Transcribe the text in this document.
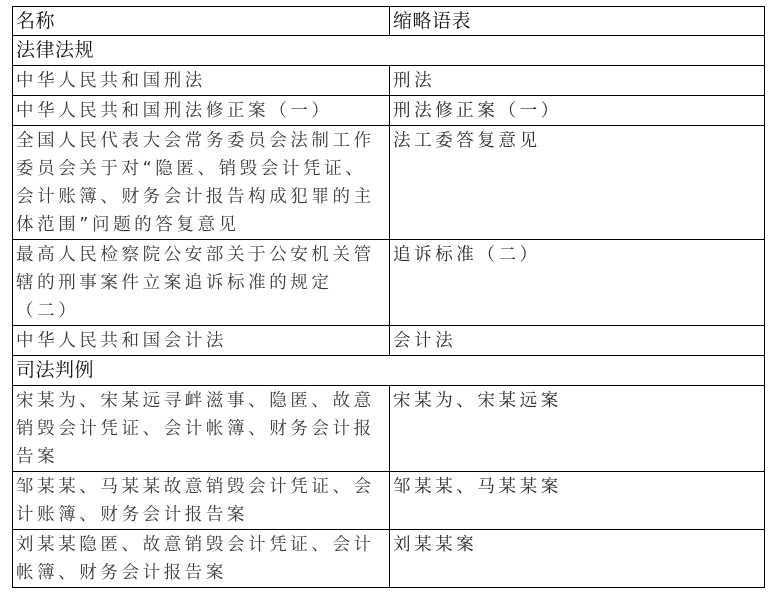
名称	缩略语表
法律法规	
中华人民共和国刑法	刑法
中华人民共和国刑法修正案（一）	刑法修正案（一）
全国人民代表大会常务委员会法制工作委员会关于对“隐匿、销毁会计凭证、会计账簿、财务会计报告构成犯罪的主体范围”问题的答复意见	法工委答复意见
最高人民检察院公安部关于公安机关管辖的刑事案件立案追诉标准的规定（二）	追诉标准（二）
中华人民共和国会计法	会计法
司法判例	
宋某为、宋某远寻衅滋事、隐匿、故意销毁会计凭证、会计帐簿、财务会计报告案	宋某为、宋某远案
邹某某、马某某故意销毁会计凭证、会计账簿、财务会计报告案	邹某某、马某某案
刘某某隐匿、故意销毁会计凭证、会计帐簿、财务会计报告案	刘某某案
